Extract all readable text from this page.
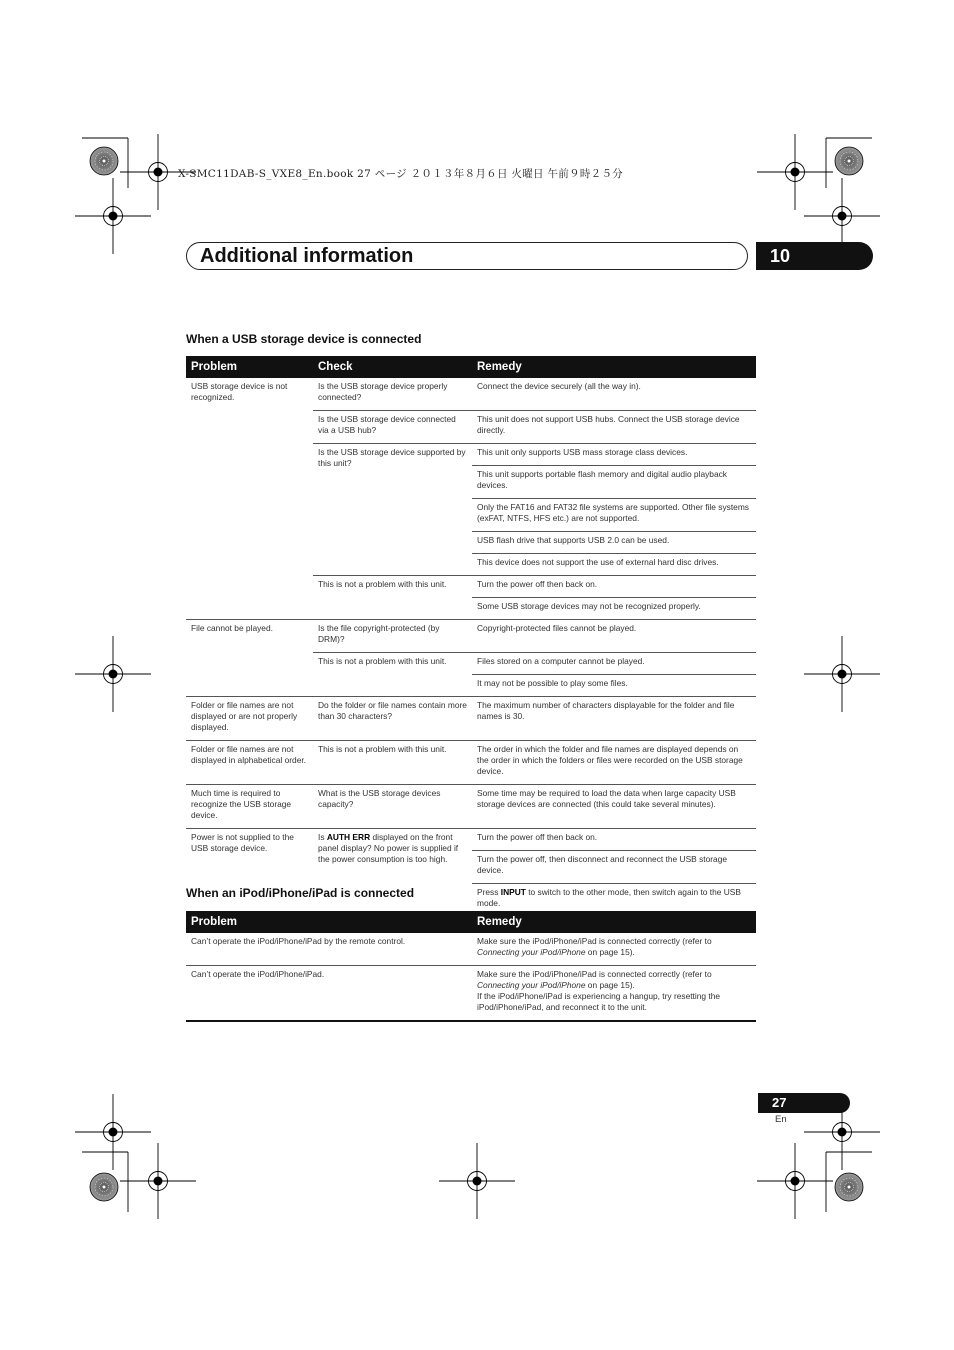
X-SMC11DAB-S_VXE8_En.book 27 ページ ２０１３年８月６日 火曜日 午前９時２５分
Additional information	10
When a USB storage device is connected
Problem	Check	Remedy
USB storage device is not recognized.	Is the USB storage device properly connected?	Connect the device securely (all the way in).
	Is the USB storage device connected via a USB hub?	This unit does not support USB hubs. Connect the USB storage device directly.
	Is the USB storage device supported by this unit?	This unit only supports USB mass storage class devices.
		This unit supports portable flash memory and digital audio playback devices.
		Only the FAT16 and FAT32 file systems are supported. Other file systems (exFAT, NTFS, HFS etc.) are not supported.
		USB flash drive that supports USB 2.0 can be used.
		This device does not support the use of external hard disc drives.
	This is not a problem with this unit.	Turn the power off then back on.
		Some USB storage devices may not be recognized properly.
File cannot be played.	Is the file copyright-protected (by DRM)?	Copyright-protected files cannot be played.
	This is not a problem with this unit.	Files stored on a computer cannot be played.
		It may not be possible to play some files.
Folder or file names are not displayed or are not properly displayed.	Do the folder or file names contain more than 30 characters?	The maximum number of characters displayable for the folder and file names is 30.
Folder or file names are not displayed in alphabetical order.	This is not a problem with this unit.	The order in which the folder and file names are displayed depends on the order in which the folders or files were recorded on the USB storage device.
Much time is required to recognize the USB storage device.	What is the USB storage devices capacity?	Some time may be required to load the data when large capacity USB storage devices are connected (this could take several minutes).
Power is not supplied to the USB storage device.	Is AUTH ERR displayed on the front panel display? No power is supplied if the power consumption is too high.	Turn the power off then back on.
		Turn the power off, then disconnect and reconnect the USB storage device.
		Press INPUT to switch to the other mode, then switch again to the USB mode.
When an iPod/iPhone/iPad is connected
Problem	Remedy
Can’t operate the iPod/iPhone/iPad by the remote control.	Make sure the iPod/iPhone/iPad is connected correctly (refer to Connecting your iPod/iPhone on page 15).
Can’t operate the iPod/iPhone/iPad.	Make sure the iPod/iPhone/iPad is connected correctly (refer to Connecting your iPod/iPhone on page 15).
If the iPod/iPhone/iPad is experiencing a hangup, try resetting the iPod/iPhone/iPad, and reconnect it to the unit.
27
En
